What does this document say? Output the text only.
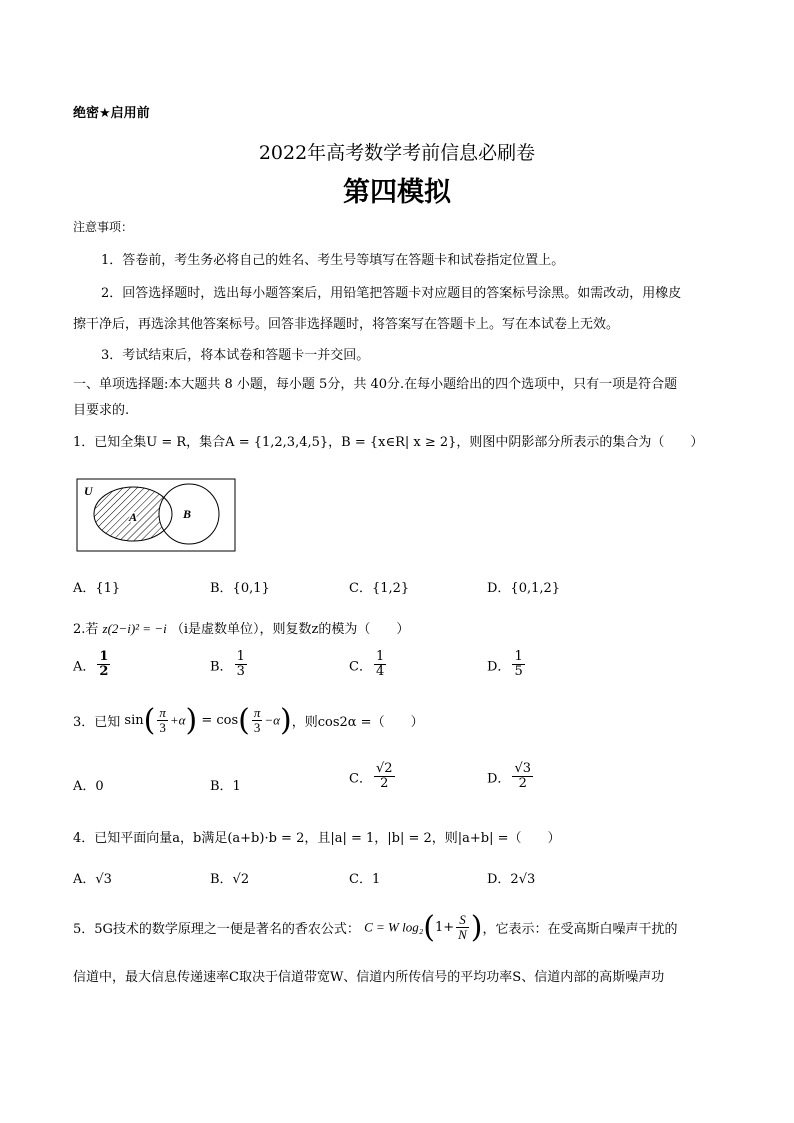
绝密★启用前
2022年高考数学考前信息必刷卷
第四模拟
注意事项：
1．答卷前，考生务必将自己的姓名、考生号等填写在答题卡和试卷指定位置上。
2．回答选择题时，选出每小题答案后，用铅笔把答题卡对应题目的答案标号涂黑。如需改动，用橡皮
擦干净后，再选涂其他答案标号。回答非选择题时，将答案写在答题卡上。写在本试卷上无效。
3．考试结束后，将本试卷和答题卡一并交回。
一、单项选择题:本大题共 8 小题，每小题 5分，共 40分.在每小题给出的四个选项中，只有一项是符合题
目要求的.
1．已知全集U = R，集合A = {1,2,3,4,5}，B = {x∈R| x ≥ 2}，则图中阴影部分所表示的集合为（　　）
U
A	B
A．{1}	B．{0,1}	C．{1,2}	D．{0,1,2}
2.若 z(2−i)² = −i （i是虚数单位），则复数z的模为（　　）
A． $\frac{1}{2}$	B． $\frac{1}{3}$	C． $\frac{1}{4}$	D． $\frac{1}{5}$
3．已知 $\sin( \frac{\pi}{3} +\alpha) = \cos( \frac{\pi}{3} -\alpha)$，则cos2α =（　　）
A．0	B．1
C． $\frac{√2}{2}$	D． $\frac{√3}{2}$
4．已知平面向量a，b满足(a+b)·b = 2，且|a| = 1，|b| = 2，则|a+b| =（　　）
A．√3	B．√2	C．1	D．2√3
5．5G技术的数学原理之一便是著名的香农公式： C = W $\log_2(1+ \frac{S}{N}$ )，它表示：在受高斯白噪声干扰的
信道中，最大信息传递速率C取决于信道带宽W、信道内所传信号的平均功率S、信道内部的高斯噪声功
